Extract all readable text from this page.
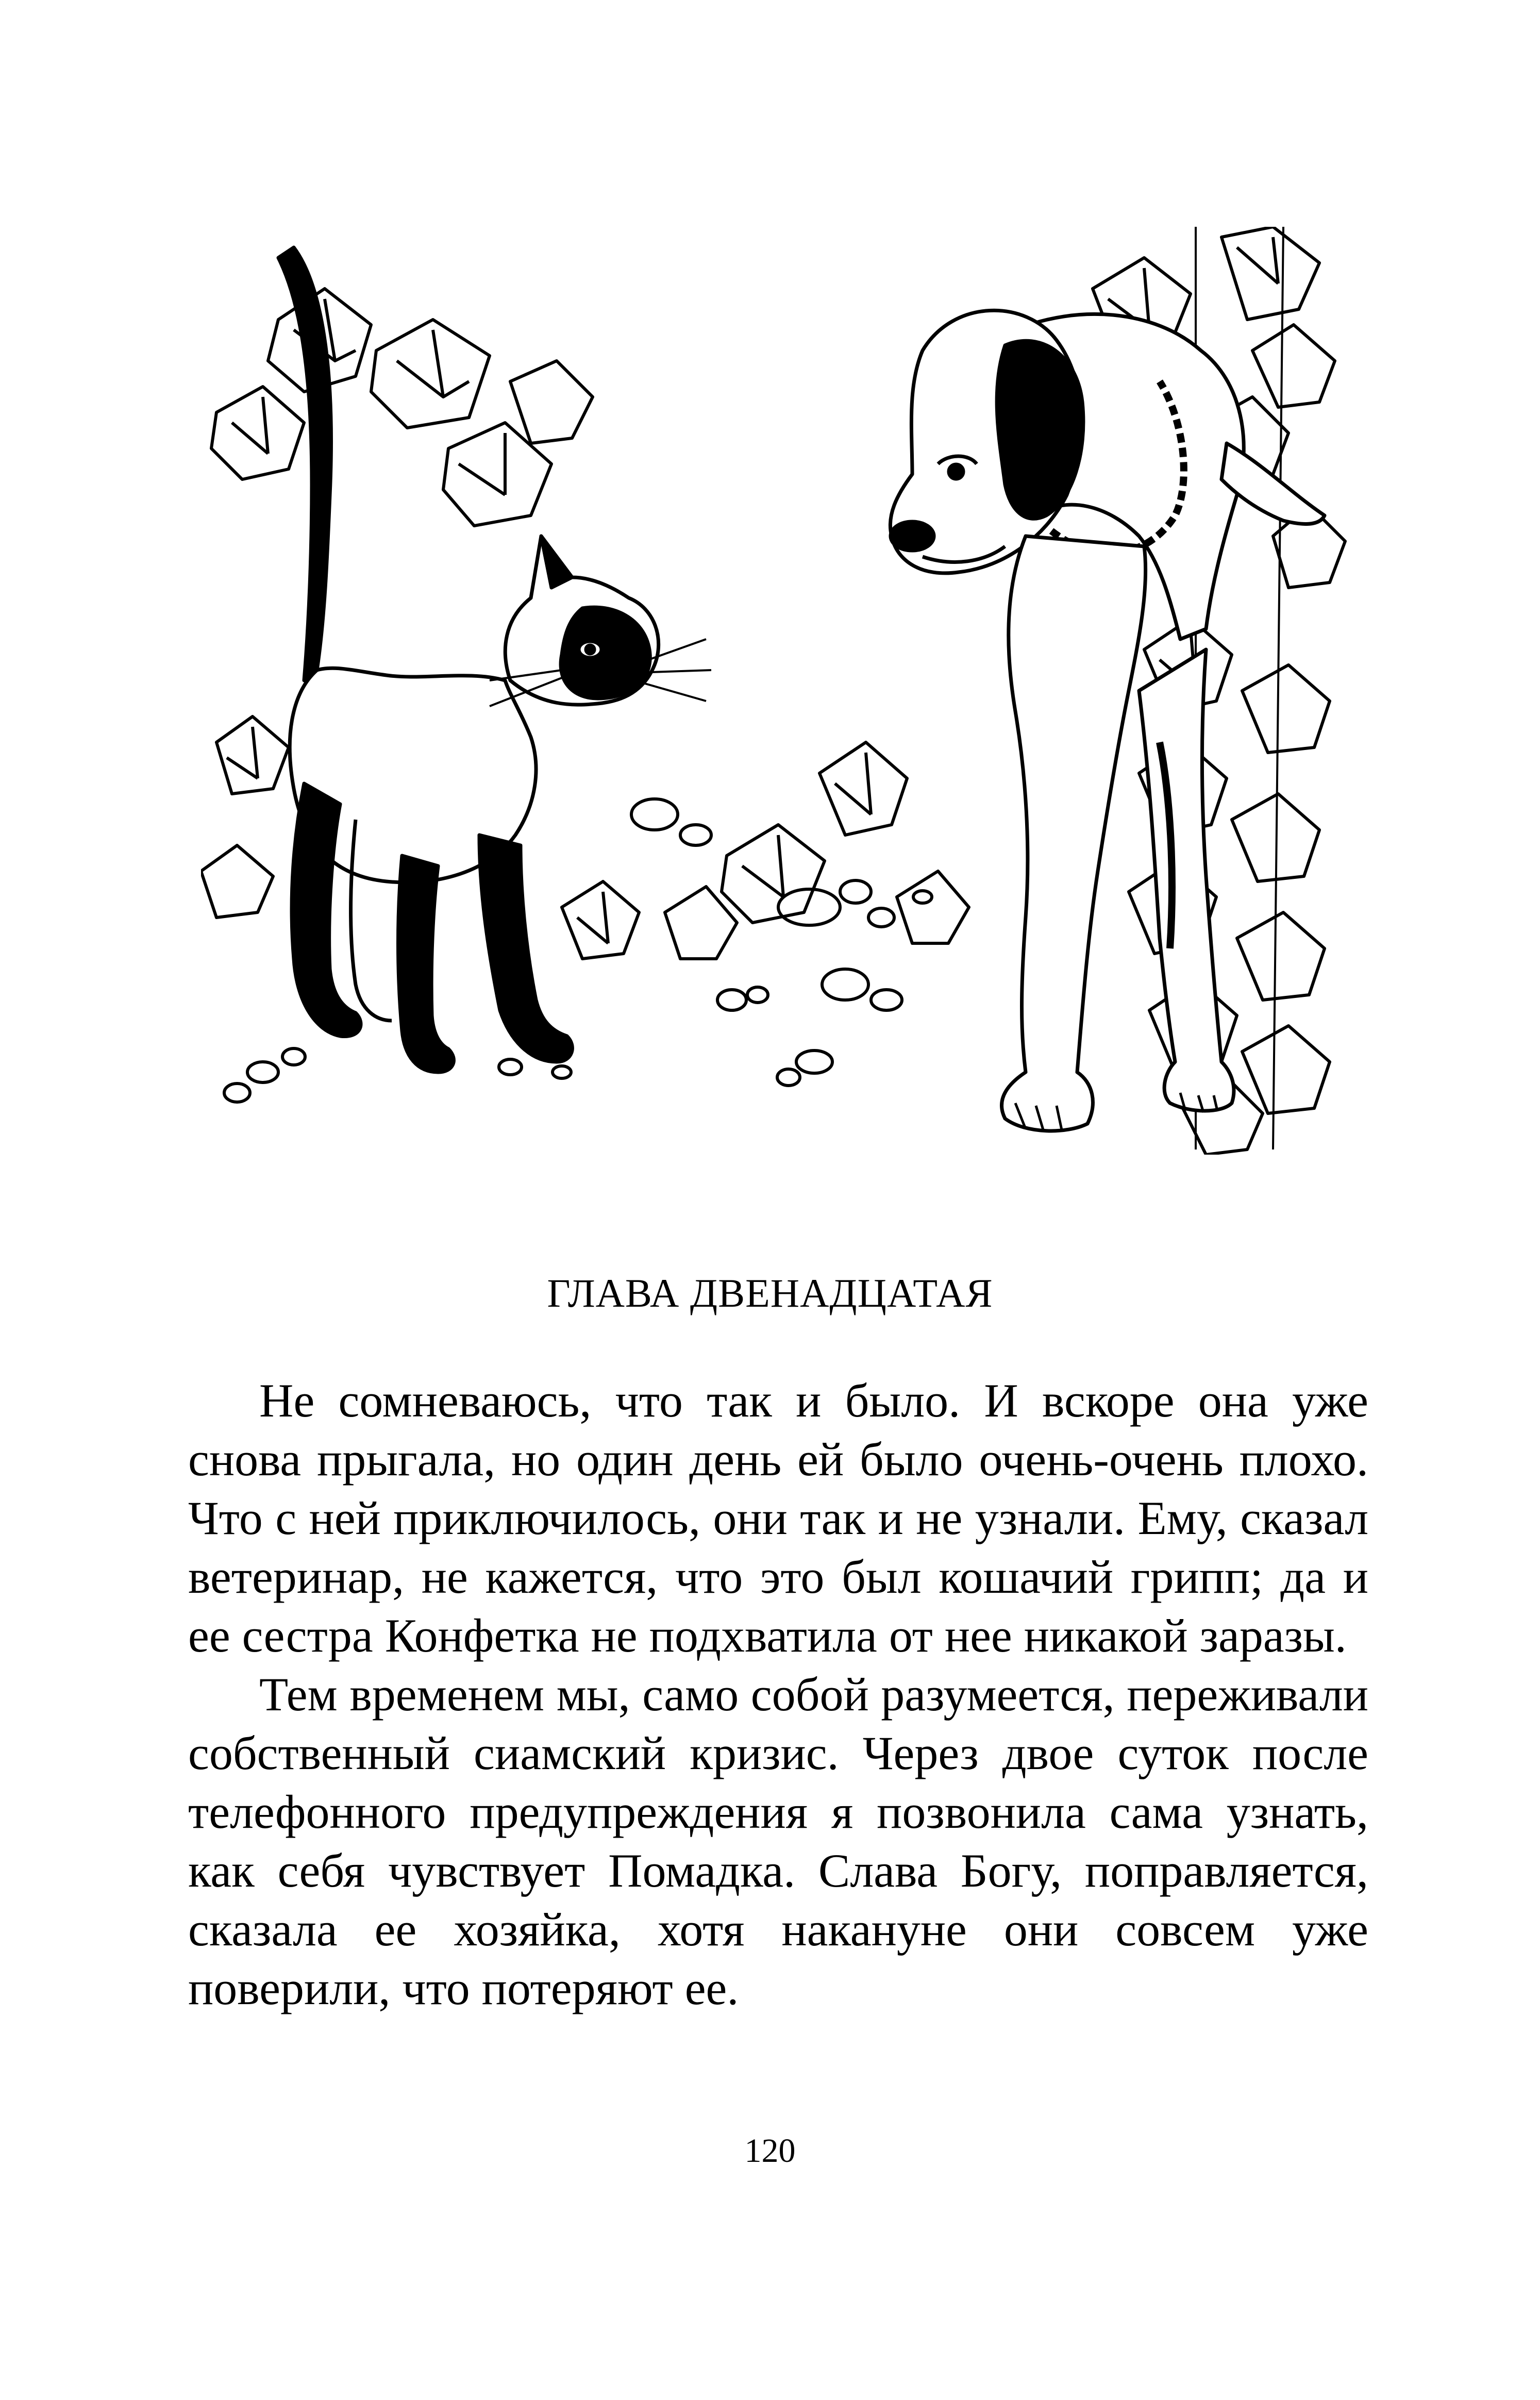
ГЛАВА ДВЕНАДЦАТАЯ

Не сомневаюсь, что так и было. И вскоре она уже снова прыгала, но один день ей было очень-очень плохо. Что с ней приключилось, они так и не узнали. Ему, сказал ветеринар, не кажется, что это был кошачий грипп; да и ее сестра Конфетка не подхватила от нее никакой заразы.

Тем временем мы, само собой разумеется, переживали собственный сиамский кризис. Через двое суток после телефонного предупреждения я позвонила сама узнать, как себя чувствует Помадка. Слава Богу, поправляется, сказала ее хозяйка, хотя накануне они совсем уже поверили, что потеряют ее.

120
